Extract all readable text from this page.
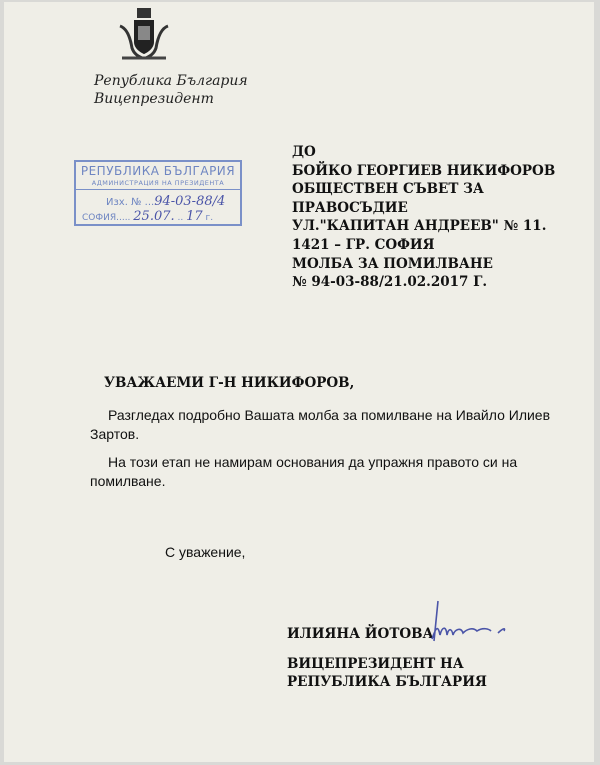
Република България
Вицепрезидент
РЕПУБЛИКА БЪЛГАРИЯ
АДМИНИСТРАЦИЯ НА ПРЕЗИДЕНТА
Изх. № ...94-03-88/4
СОФИЯ..... 25.07. .. 17 г.
ДО
БОЙКО ГЕОРГИЕВ НИКИФОРОВ
ОБЩЕСТВЕН СЪВЕТ ЗА ПРАВОСЪДИЕ
УЛ."КАПИТАН АНДРЕЕВ" № 11.
1421 – ГР. СОФИЯ
МОЛБА ЗА ПОМИЛВАНЕ
№ 94-03-88/21.02.2017 Г.
УВАЖАЕМИ Г-Н НИКИФОРОВ,
Разгледах подробно Вашата молба за помилване на Ивайло Илиев
Зартов.
На този етап не намирам основания да упражня правото си на
помилване.
С уважение,
ИЛИЯНА ЙОТОВА
ВИЦЕПРЕЗИДЕНТ НА
РЕПУБЛИКА БЪЛГАРИЯ
